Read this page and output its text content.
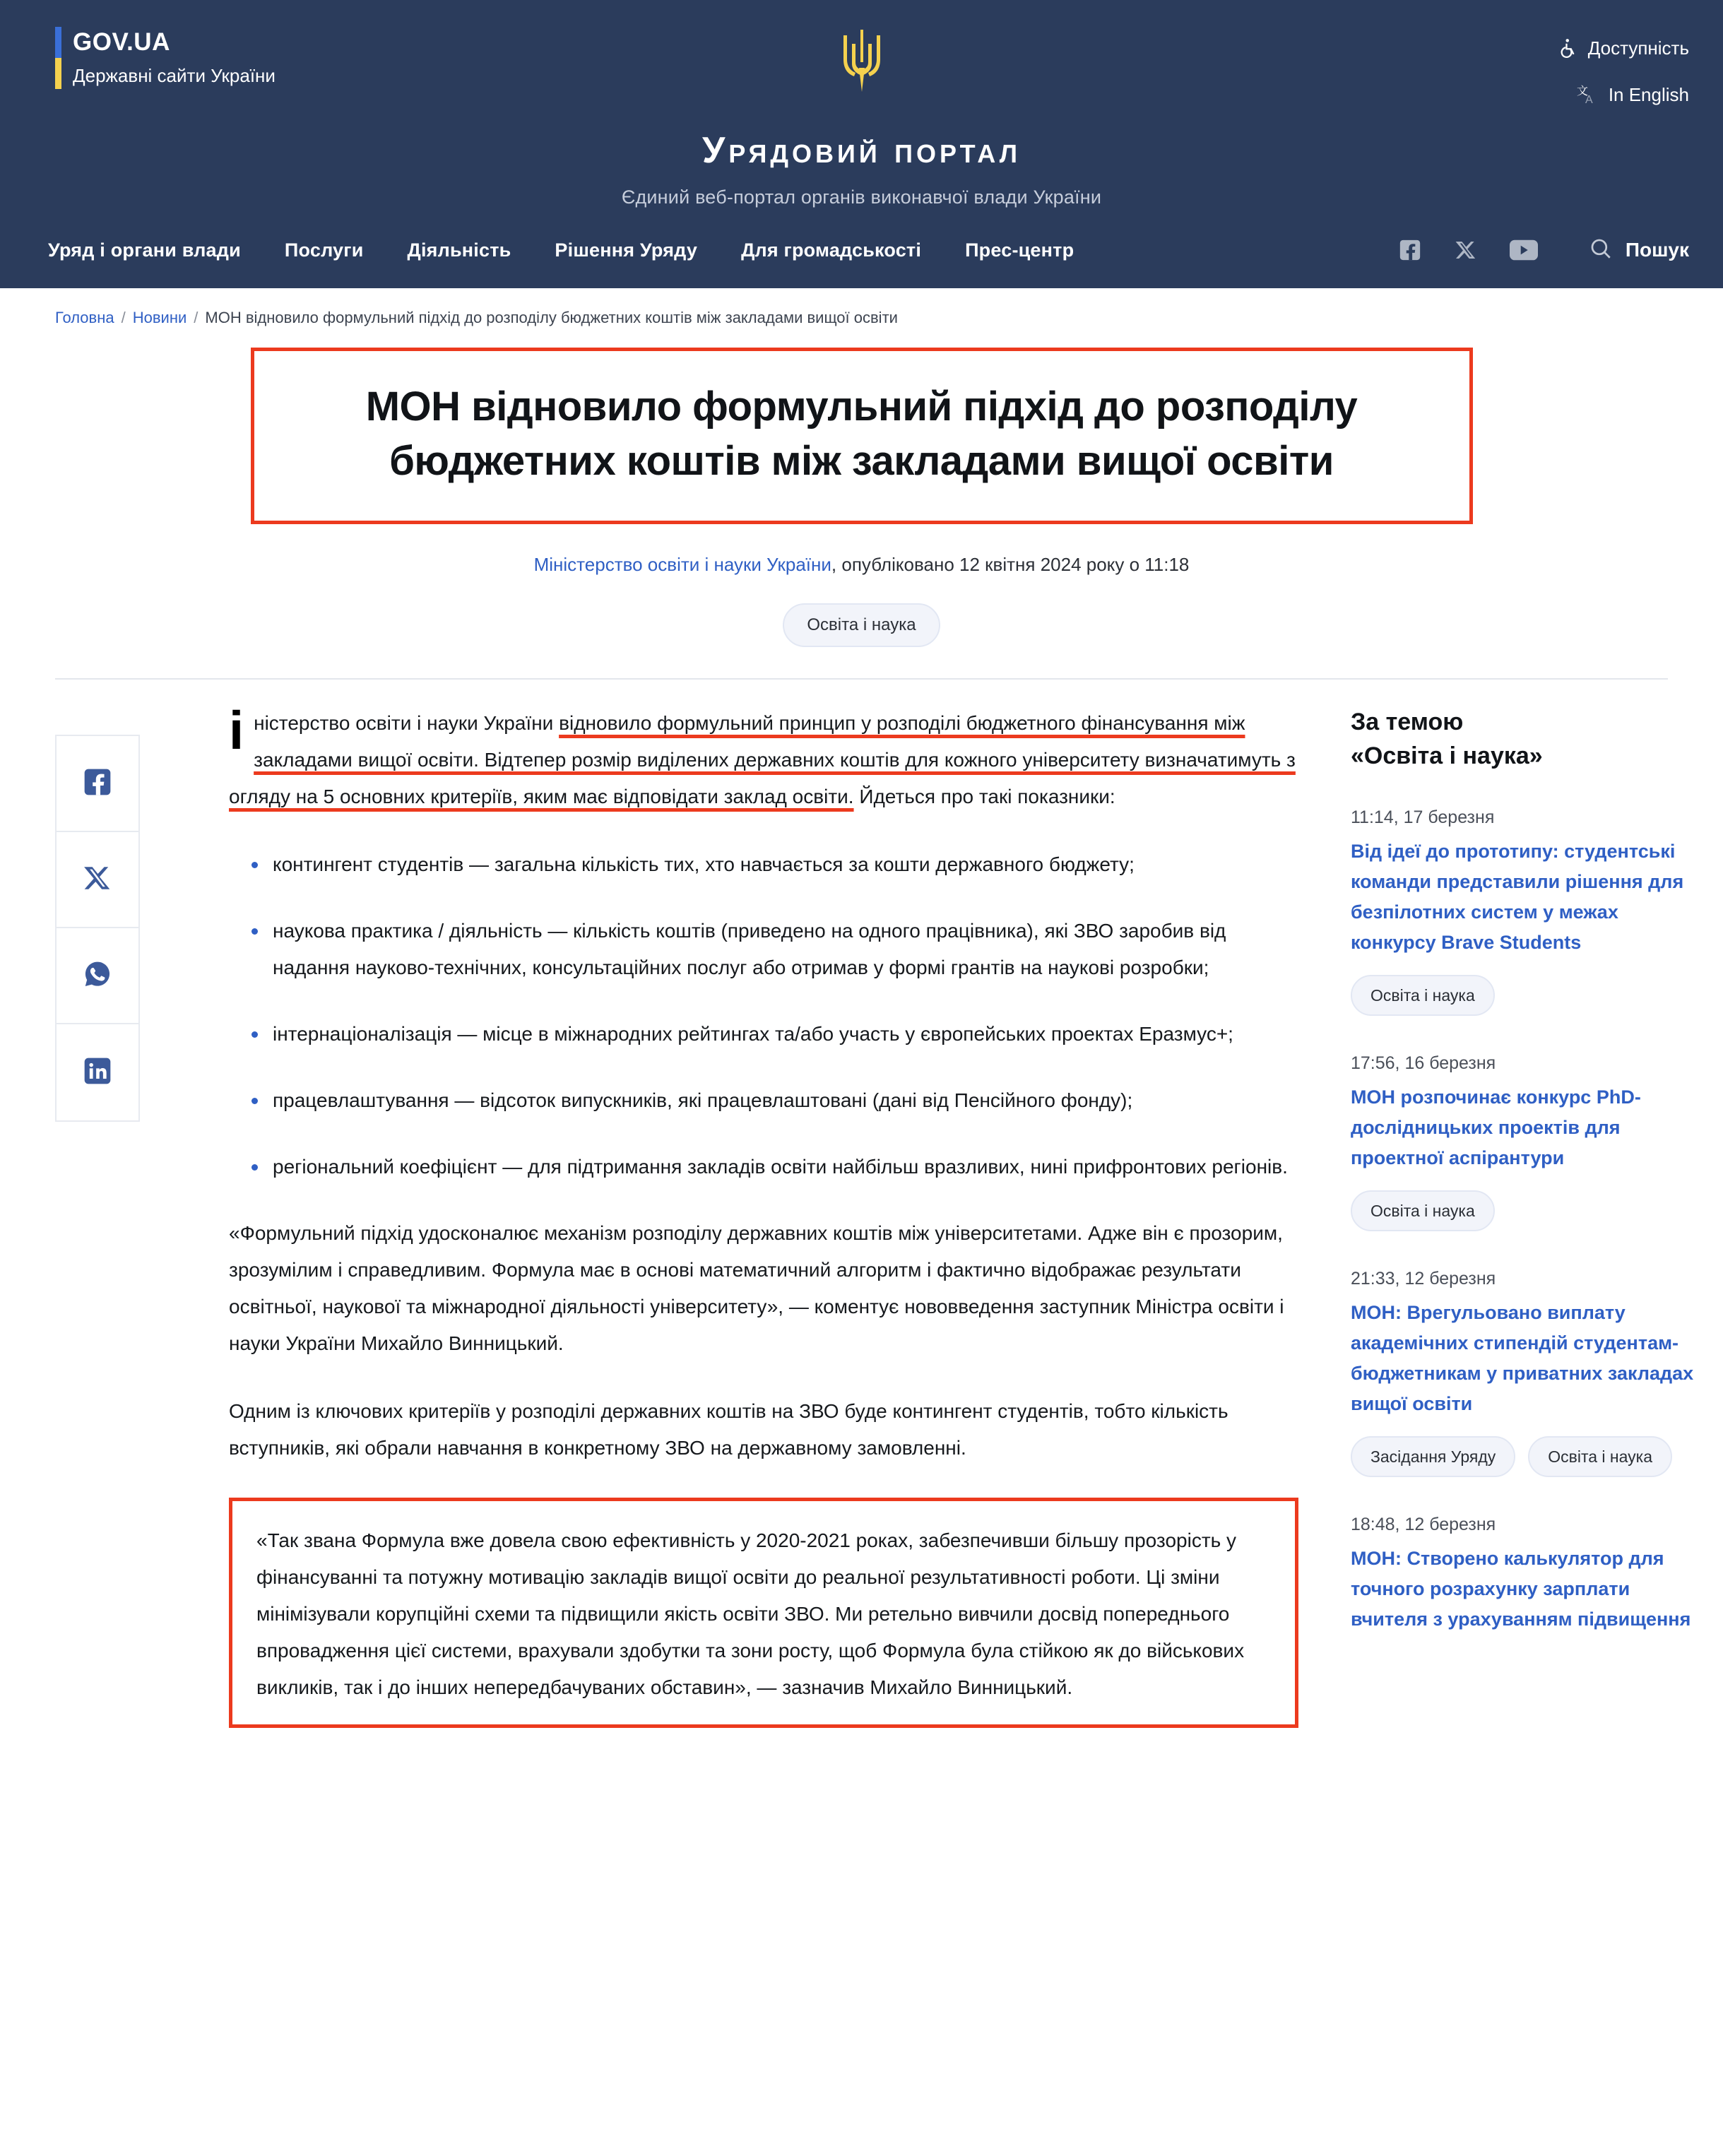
GOV.UA
Державні сайти України
Доступність
文
A In English
Урядовий портал
Єдиний веб-портал органів виконавчої влади України
Уряд і органи влади Послуги Діяльність Рішення Уряду Для громадськості Прес-центр	Пошук
Головна / Новини / МОН відновило формульний підхід до розподілу бюджетних коштів між закладами вищої освіти
МОН відновило формульний підхід до розподілу бюджетних коштів між закладами вищої освіти
Міністерство освіти і науки України, опубліковано 12 квітня 2024 року о 11:18
Освіта і наука

іністерство освіти і науки України відновило формульний принцип у розподілі бюджетного фінансування між закладами вищої освіти. Відтепер розмір виділених державних коштів для кожного університету визначатимуть з огляду на 5 основних критеріїв, яким має відповідати заклад освіти. Йдеться про такі показники:

контингент студентів — загальна кількість тих, хто навчається за кошти державного бюджету;
наукова практика / діяльність — кількість коштів (приведено на одного працівника), які ЗВО заробив від надання науково-технічних, консультаційних послуг або отримав у формі грантів на наукові розробки;
інтернаціоналізація — місце в міжнародних рейтингах та/або участь у європейських проектах Еразмус+;
працевлаштування — відсоток випускників, які працевлаштовані (дані від Пенсійного фонду);
регіональний коефіцієнт — для підтримання закладів освіти найбільш вразливих, нині прифронтових регіонів.

«Формульний підхід удосконалює механізм розподілу державних коштів між університетами. Адже він є прозорим, зрозумілим і справедливим. Формула має в основі математичний алгоритм і фактично відображає результати освітньої, наукової та міжнародної діяльності університету», — коментує нововведення заступник Міністра освіти і науки України Михайло Винницький.

Одним із ключових критеріїв у розподілі державних коштів на ЗВО буде контингент студентів, тобто кількість вступників, які обрали навчання в конкретному ЗВО на державному замовленні.

«Так звана Формула вже довела свою ефективність у 2020-2021 роках, забезпечивши більшу прозорість у фінансуванні та потужну мотивацію закладів вищої освіти до реальної результативності роботи. Ці зміни мінімізували корупційні схеми та підвищили якість освіти ЗВО. Ми ретельно вивчили досвід попереднього впровадження цієї системи, врахували здобутки та зони росту, щоб Формула була стійкою як до військових викликів, так і до інших непередбачуваних обставин», — зазначив Михайло Винницький.

За темою
«Освіта і наука»
11:14, 17 березня
Від ідеї до прототипу: студентські команди представили рішення для безпілотних систем у межах конкурсу Brave Students
Освіта і наука
17:56, 16 березня
МОН розпочинає конкурс PhD-дослідницьких проектів для проектної аспірантури
Освіта і наука
21:33, 12 березня
МОН: Врегульовано виплату академічних стипендій студентам-бюджетникам у приватних закладах вищої освіти
Засідання Уряду	Освіта і наука
18:48, 12 березня
МОН: Створено калькулятор для точного розрахунку зарплати вчителя з урахуванням підвищення
